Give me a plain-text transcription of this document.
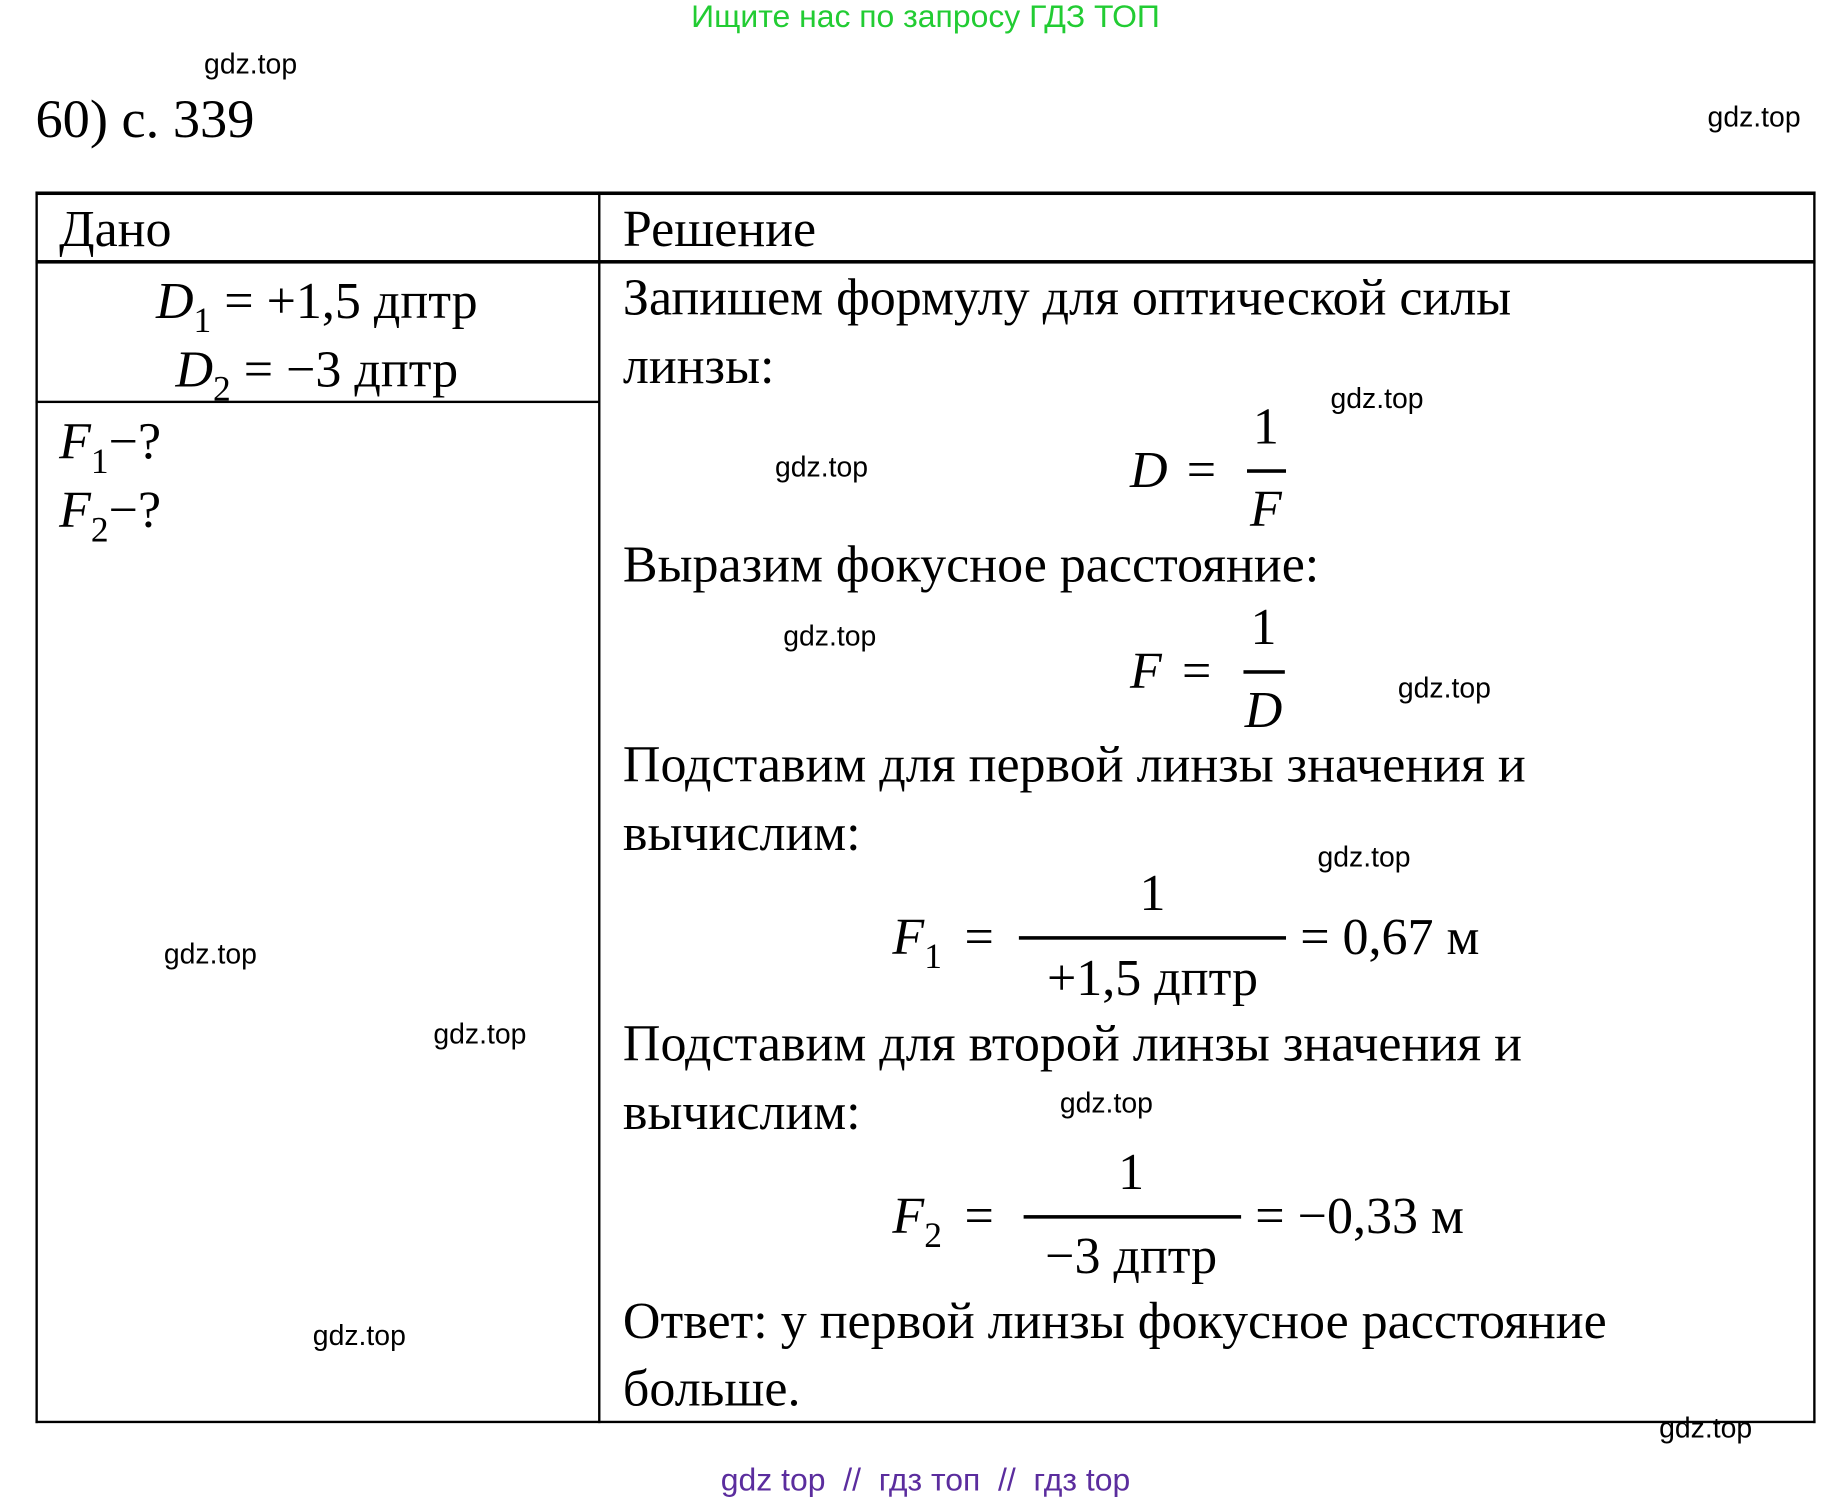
Ищите нас по запросу ГДЗ ТОП
60) с. 339
Дано	Решение
$D_1 = +1,5$ дптр
$D_2 = -3$ дптр
$F_1-$?
$F_2-$?
Запишем формулу для оптической силы
линзы:
D =
1
F
Выразим фокусное расстояние:
F =
1
D
Подставим для первой линзы значения и
вычислим:
$F_1$ =
1
+1,5 дптр
= 0,67 м
Подставим для второй линзы значения и
вычислим:
$F_2$ =
1
−3 дптр
= −0,33 м
Ответ: у первой линзы фокусное расстояние
больше.
gdz.top
gdz.top
gdz.top
gdz.top
gdz.top
gdz.top
gdz.top
gdz.top
gdz.top
gdz.top
gdz.top
gdz.top
gdz top  //  гдз топ  //  гдз top
